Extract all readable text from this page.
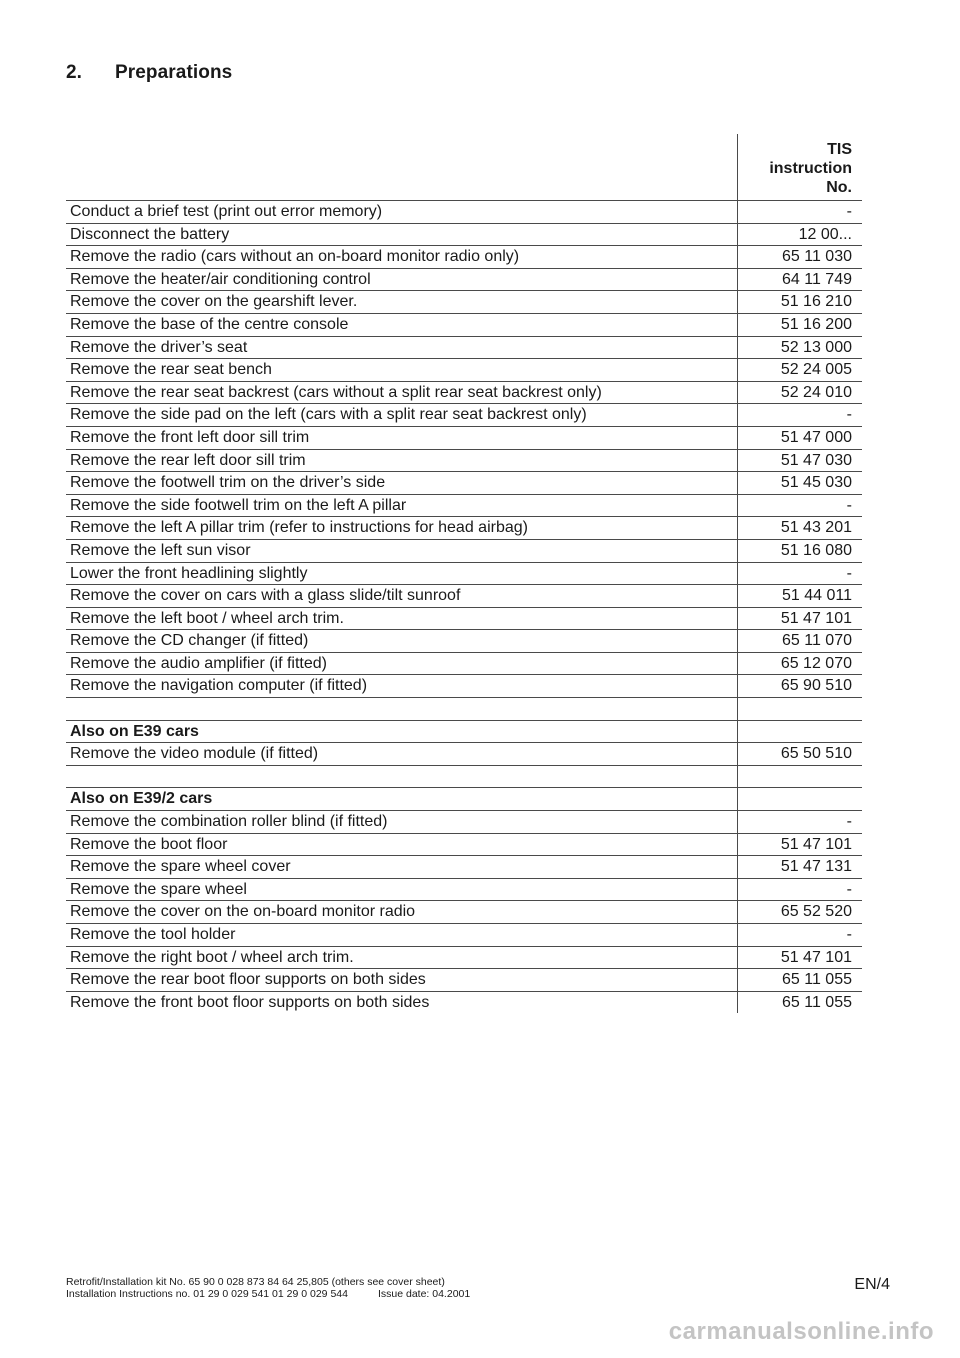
2. Preparations
TIS
instruction
No.
Conduct a brief test (print out error memory)	-
Disconnect the battery	12 00...
Remove the radio (cars without an on-board monitor radio only)	65 11 030
Remove the heater/air conditioning control	64 11 749
Remove the cover on the gearshift lever.	51 16 210
Remove the base of the centre console	51 16 200
Remove the driver’s seat	52 13 000
Remove the rear seat bench	52 24 005
Remove the rear seat backrest (cars without a split rear seat backrest only)	52 24 010
Remove the side pad on the left (cars with a split rear seat backrest only)	-
Remove the front left door sill trim	51 47 000
Remove the rear left door sill trim	51 47 030
Remove the footwell trim on the driver’s side	51 45 030
Remove the side footwell trim on the left A pillar	-
Remove the left A pillar trim (refer to instructions for head airbag)	51 43 201
Remove the left sun visor	51 16 080
Lower the front headlining slightly	-
Remove the cover on cars with a glass slide/tilt sunroof	51 44 011
Remove the left boot / wheel arch trim.	51 47 101
Remove the CD changer (if fitted)	65 11 070
Remove the audio amplifier (if fitted)	65 12 070
Remove the navigation computer (if fitted)	65 90 510
Also on E39 cars
Remove the video module (if fitted)	65 50 510
Also on E39/2 cars
Remove the combination roller blind (if fitted)	-
Remove the boot floor	51 47 101
Remove the spare wheel cover	51 47 131
Remove the spare wheel	-
Remove the cover on the on-board monitor radio	65 52 520
Remove the tool holder	-
Remove the right boot / wheel arch trim.	51 47 101
Remove the rear boot floor supports on both sides	65 11 055
Remove the front boot floor supports on both sides	65 11 055
Retrofit/Installation kit No. 65 90 0 028 873 84 64 25,805 (others see cover sheet)
Installation Instructions no. 01 29 0 029 541 01 29 0 029 544	Issue date: 04.2001
EN/4
carmanualsonline.info
